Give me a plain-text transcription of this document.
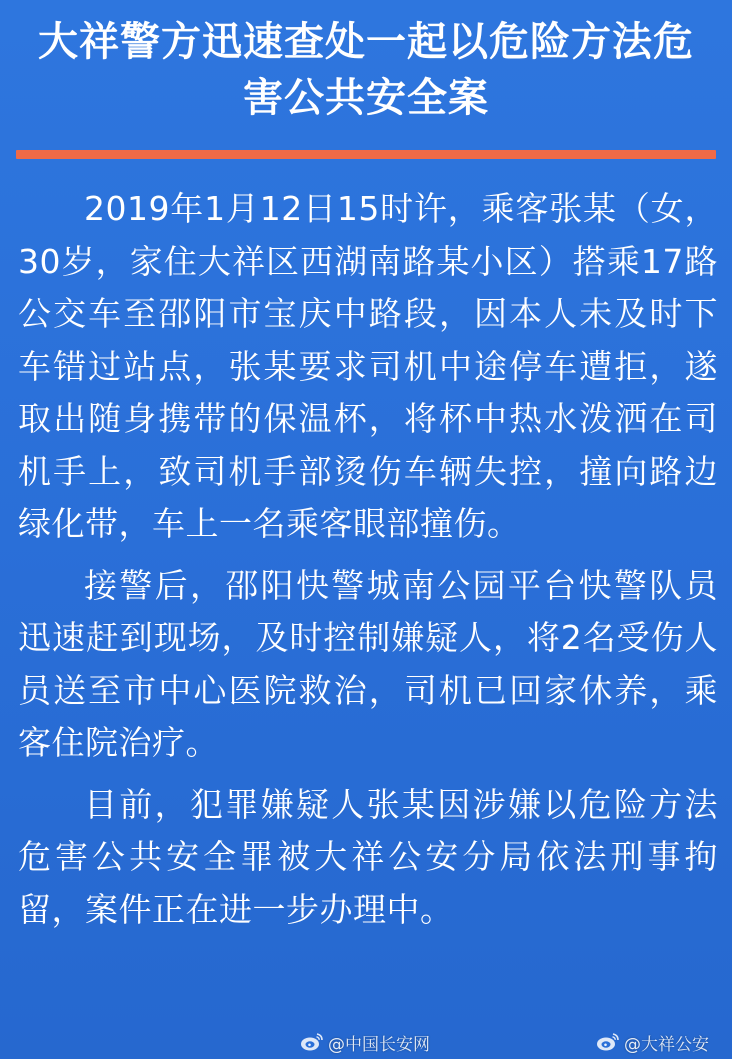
大祥警方迅速查处一起以危险方法危害公共安全案

2019年1月12日15时许，乘客张某（女，30岁，家住大祥区西湖南路某小区）搭乘17路公交车至邵阳市宝庆中路段，因本人未及时下车错过站点，张某要求司机中途停车遭拒，遂取出随身携带的保温杯，将杯中热水泼洒在司机手上，致司机手部烫伤车辆失控，撞向路边绿化带，车上一名乘客眼部撞伤。

接警后，邵阳快警城南公园平台快警队员迅速赶到现场，及时控制嫌疑人，将2名受伤人员送至市中心医院救治，司机已回家休养，乘客住院治疗。

目前，犯罪嫌疑人张某因涉嫌以危险方法危害公共安全罪被大祥公安分局依法刑事拘留，案件正在进一步办理中。

@中国长安网	@大祥公安
